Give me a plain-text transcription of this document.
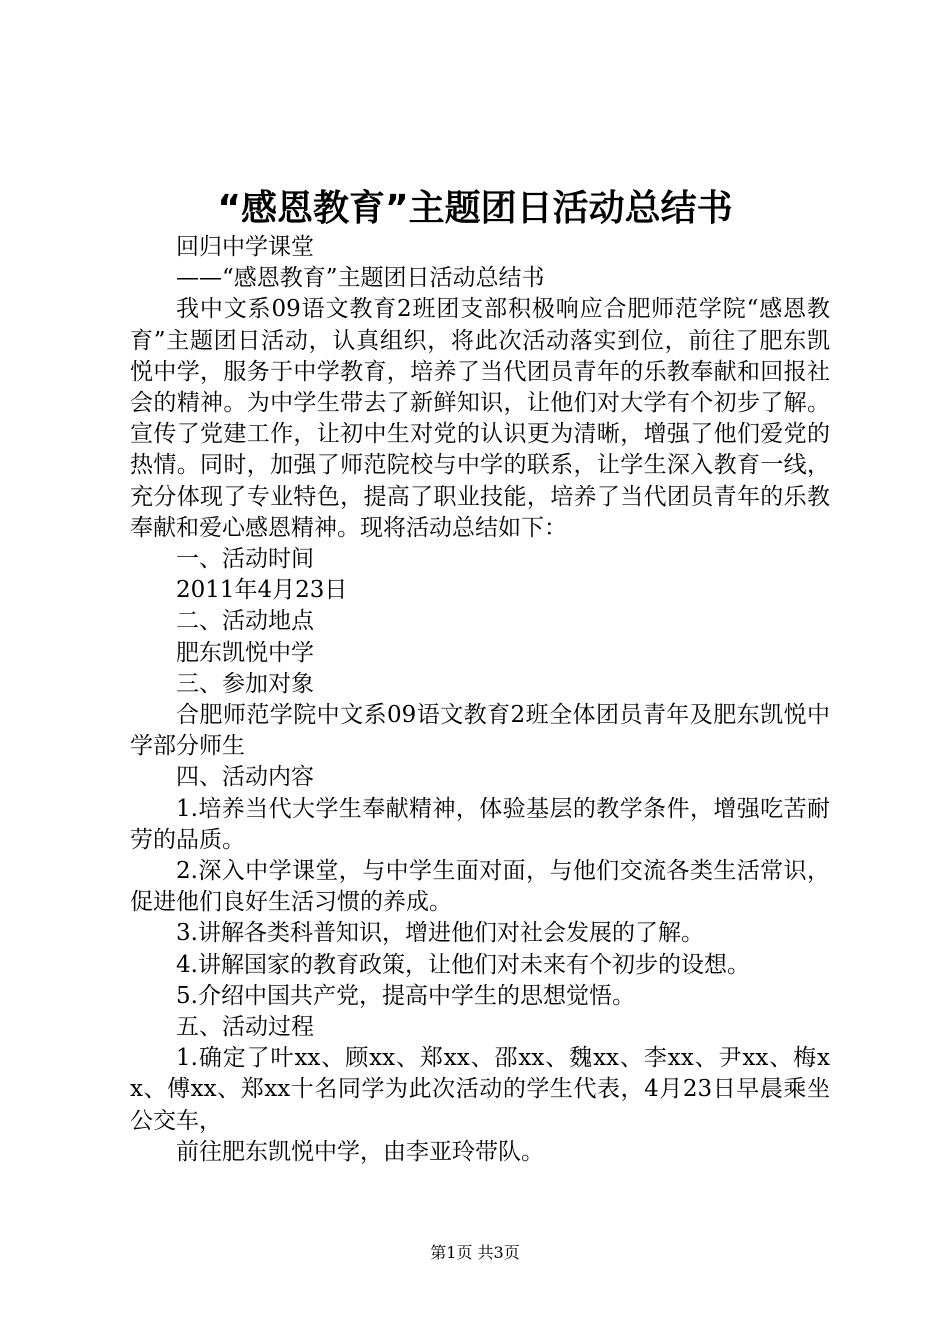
“感恩教育”主题团日活动总结书

回归中学课堂

——“感恩教育”主题团日活动总结书

我中文系09语文教育2班团支部积极响应合肥师范学院“感恩教育”主题团日活动，认真组织，将此次活动落实到位，前往了肥东凯悦中学，服务于中学教育，培养了当代团员青年的乐教奉献和回报社会的精神。为中学生带去了新鲜知识，让他们对大学有个初步了解。宣传了党建工作，让初中生对党的认识更为清晰，增强了他们爱党的热情。同时，加强了师范院校与中学的联系，让学生深入教育一线，充分体现了专业特色，提高了职业技能，培养了当代团员青年的乐教奉献和爱心感恩精神。现将活动总结如下：

一、活动时间

2011年4月23日

二、活动地点

肥东凯悦中学

三、参加对象

合肥师范学院中文系09语文教育2班全体团员青年及肥东凯悦中学部分师生

四、活动内容

1.培养当代大学生奉献精神，体验基层的教学条件，增强吃苦耐劳的品质。

2.深入中学课堂，与中学生面对面，与他们交流各类生活常识，促进他们良好生活习惯的养成。

3.讲解各类科普知识，增进他们对社会发展的了解。

4.讲解国家的教育政策，让他们对未来有个初步的设想。

5.介绍中国共产党，提高中学生的思想觉悟。

五、活动过程

1.确定了叶xx、顾xx、郑xx、邵xx、魏xx、李xx、尹xx、梅xx、傅xx、郑xx十名同学为此次活动的学生代表，4月23日早晨乘坐公交车，

前往肥东凯悦中学，由李亚玲带队。

第1页 共3页
